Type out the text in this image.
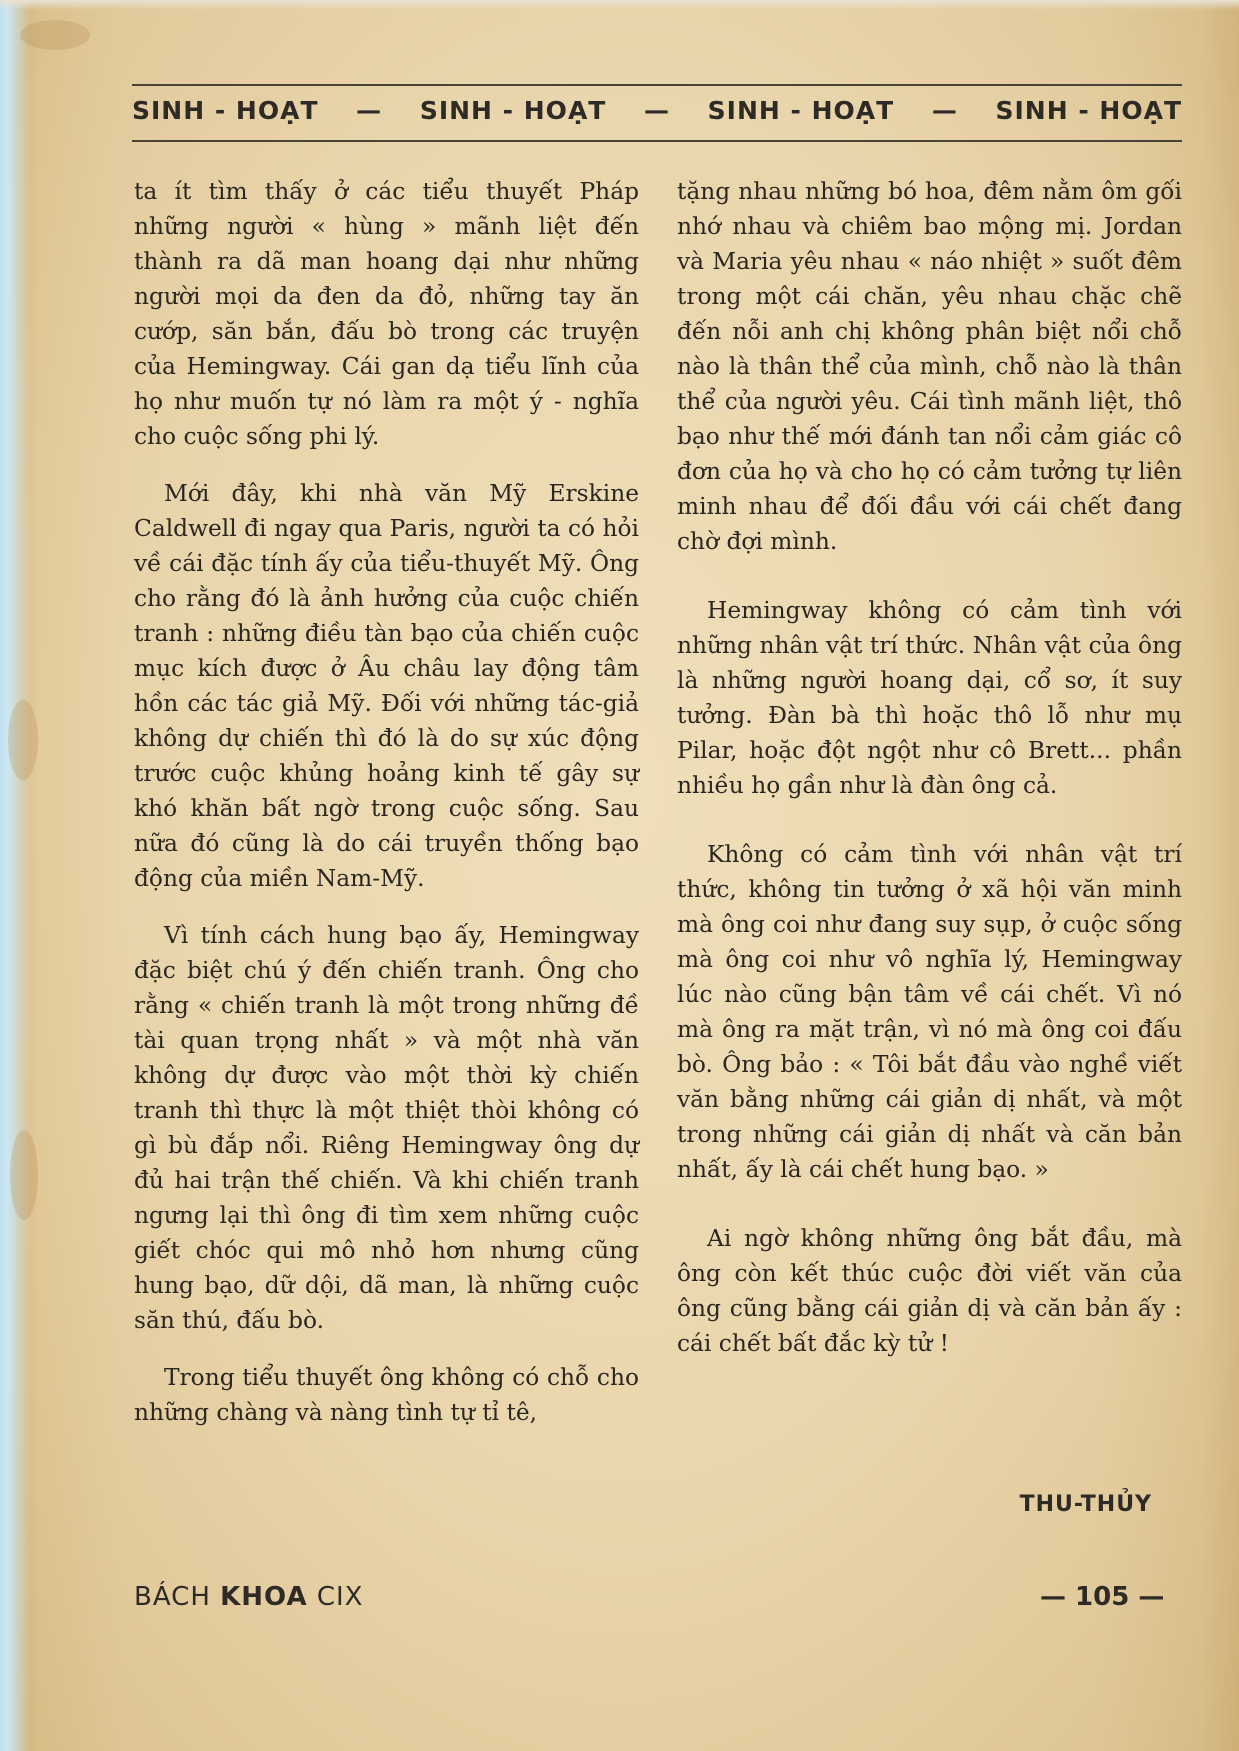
SINH - HOẠT — SINH - HOẠT — SINH - HOẠT — SINH - HOẠT

ta ít tìm thấy ở các tiểu thuyết Pháp những người « hùng » mãnh liệt đến thành ra dã man hoang dại như những người mọi da đen da đỏ, những tay ăn cướp, săn bắn, đấu bò trong các truyện của Hemingway. Cái gan dạ tiểu lĩnh của họ như muốn tự nó làm ra một ý - nghĩa cho cuộc sống phi lý.

Mới đây, khi nhà văn Mỹ Erskine Caldwell đi ngay qua Paris, người ta có hỏi về cái đặc tính ấy của tiểu-thuyết Mỹ. Ông cho rằng đó là ảnh hưởng của cuộc chiến tranh : những điều tàn bạo của chiến cuộc mục kích được ở Âu châu lay động tâm hồn các tác giả Mỹ. Đối với những tác-giả không dự chiến thì đó là do sự xúc động trước cuộc khủng hoảng kinh tế gây sự khó khăn bất ngờ trong cuộc sống. Sau nữa đó cũng là do cái truyền thống bạo động của miền Nam-Mỹ.

Vì tính cách hung bạo ấy, Hemingway đặc biệt chú ý đến chiến tranh. Ông cho rằng « chiến tranh là một trong những đề tài quan trọng nhất » và một nhà văn không dự được vào một thời kỳ chiến tranh thì thực là một thiệt thòi không có gì bù đắp nổi. Riêng Hemingway ông dự đủ hai trận thế chiến. Và khi chiến tranh ngưng lại thì ông đi tìm xem những cuộc giết chóc qui mô nhỏ hơn nhưng cũng hung bạo, dữ dội, dã man, là những cuộc săn thú, đấu bò.

Trong tiểu thuyết ông không có chỗ cho những chàng và nàng tình tự tỉ tê,

tặng nhau những bó hoa, đêm nằm ôm gối nhớ nhau và chiêm bao mộng mị. Jordan và Maria yêu nhau « náo nhiệt » suốt đêm trong một cái chăn, yêu nhau chặc chẽ đến nỗi anh chị không phân biệt nổi chỗ nào là thân thể của mình, chỗ nào là thân thể của người yêu. Cái tình mãnh liệt, thô bạo như thế mới đánh tan nổi cảm giác cô đơn của họ và cho họ có cảm tưởng tự liên minh nhau để đối đầu với cái chết đang chờ đợi mình.

Hemingway không có cảm tình với những nhân vật trí thức. Nhân vật của ông là những người hoang dại, cổ sơ, ít suy tưởng. Đàn bà thì hoặc thô lỗ như mụ Pilar, hoặc đột ngột như cô Brett... phần nhiều họ gần như là đàn ông cả.

Không có cảm tình với nhân vật trí thức, không tin tưởng ở xã hội văn minh mà ông coi như đang suy sụp, ở cuộc sống mà ông coi như vô nghĩa lý, Hemingway lúc nào cũng bận tâm về cái chết. Vì nó mà ông ra mặt trận, vì nó mà ông coi đấu bò. Ông bảo : « Tôi bắt đầu vào nghề viết văn bằng những cái giản dị nhất, và một trong những cái giản dị nhất và căn bản nhất, ấy là cái chết hung bạo. »

Ai ngờ không những ông bắt đầu, mà ông còn kết thúc cuộc đời viết văn của ông cũng bằng cái giản dị và căn bản ấy : cái chết bất đắc kỳ tử !

THU-THỦY
BÁCH KHOA CIX	— 105 —
